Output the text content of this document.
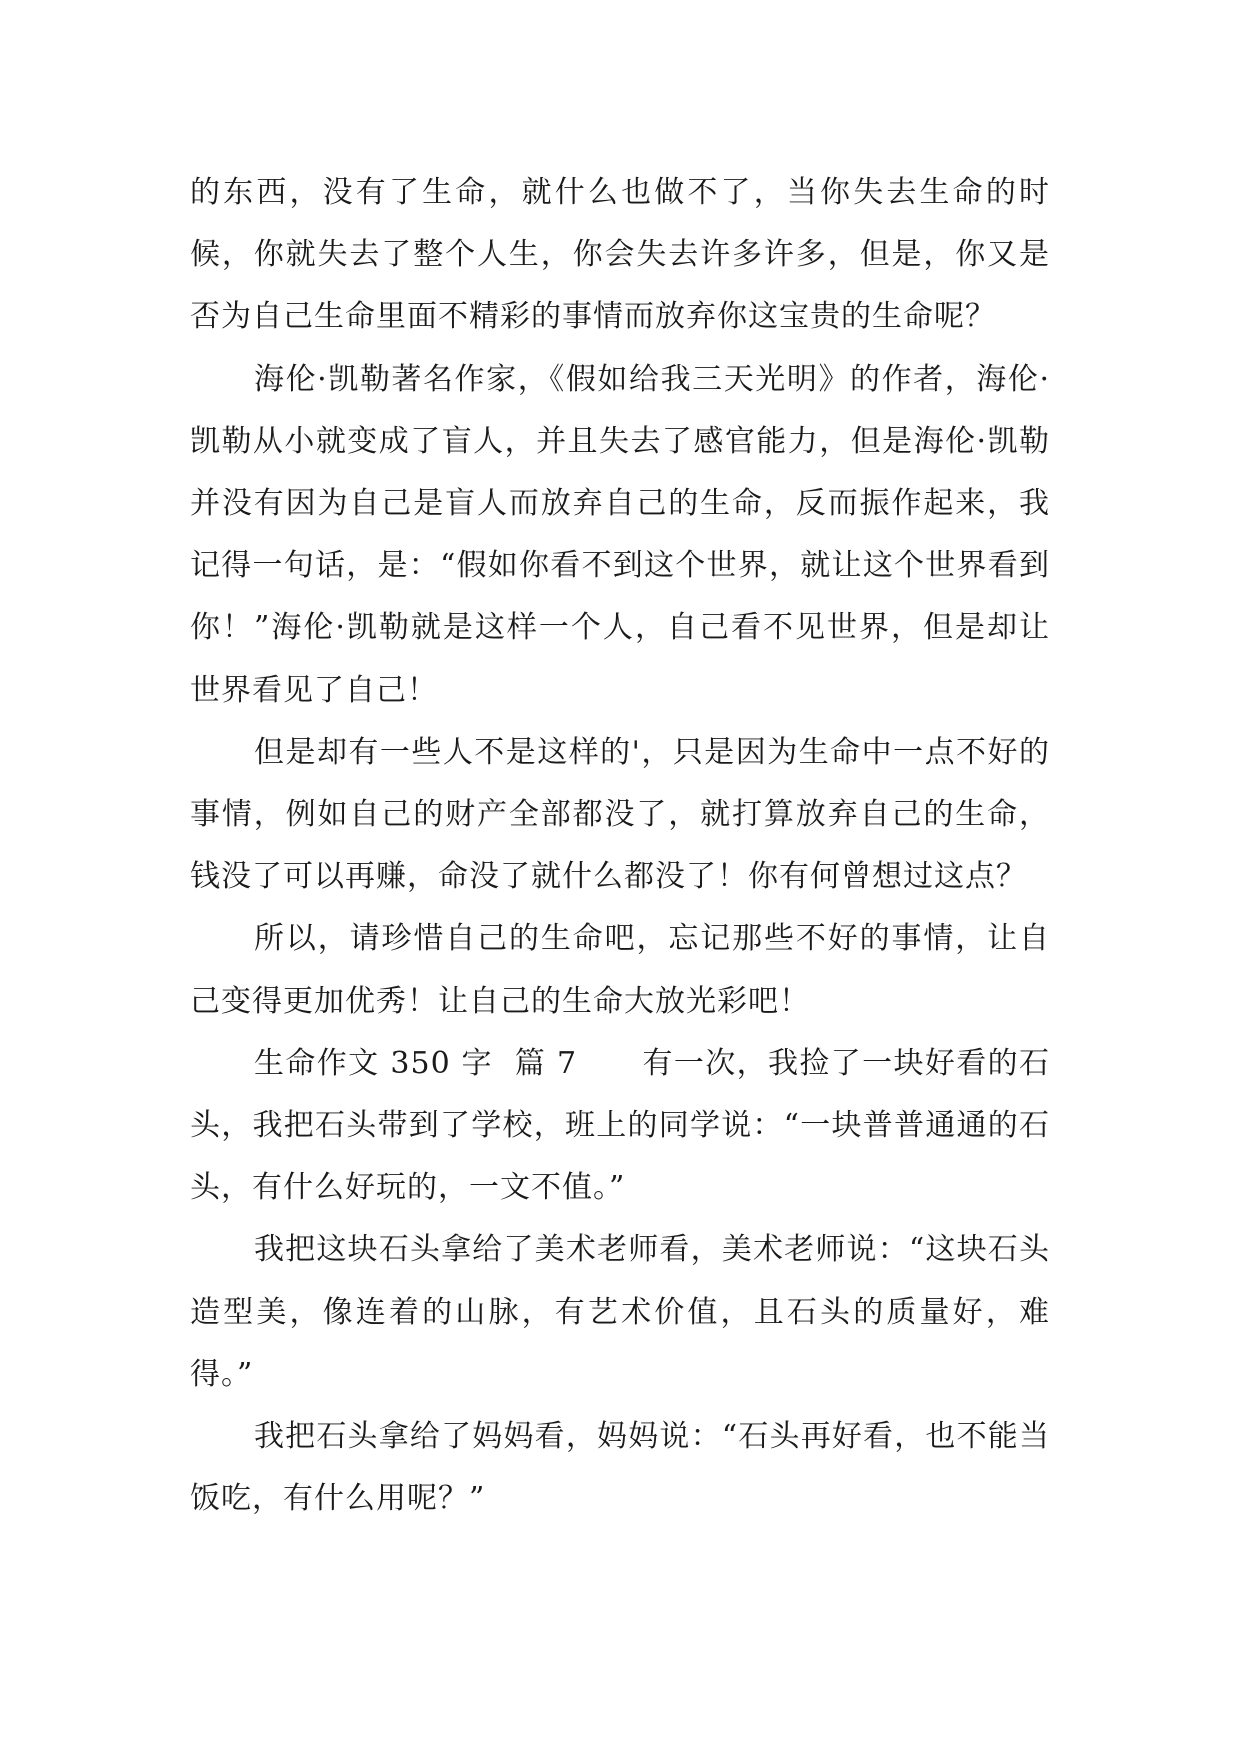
的东西，没有了生命，就什么也做不了，当你失去生命的时候，你就失去了整个人生，你会失去许多许多，但是，你又是否为自己生命里面不精彩的事情而放弃你这宝贵的生命呢？

海伦·凯勒著名作家，《假如给我三天光明》的作者，海伦·凯勒从小就变成了盲人，并且失去了感官能力，但是海伦·凯勒并没有因为自己是盲人而放弃自己的生命，反而振作起来，我记得一句话，是：“假如你看不到这个世界，就让这个世界看到你！”海伦·凯勒就是这样一个人，自己看不见世界，但是却让世界看见了自己！

但是却有一些人不是这样的'，只是因为生命中一点不好的事情，例如自己的财产全部都没了，就打算放弃自己的生命，钱没了可以再赚，命没了就什么都没了！你有何曾想过这点？

所以，请珍惜自己的生命吧，忘记那些不好的事情，让自己变得更加优秀！让自己的生命大放光彩吧！

生命作文 350 字  篇 7      有一次，我捡了一块好看的石头，我把石头带到了学校，班上的同学说：“一块普普通通的石头，有什么好玩的，一文不值。”

我把这块石头拿给了美术老师看，美术老师说：“这块石头造型美，像连着的山脉，有艺术价值，且石头的质量好，难得。”

我把石头拿给了妈妈看，妈妈说：“石头再好看，也不能当饭吃，有什么用呢？”
